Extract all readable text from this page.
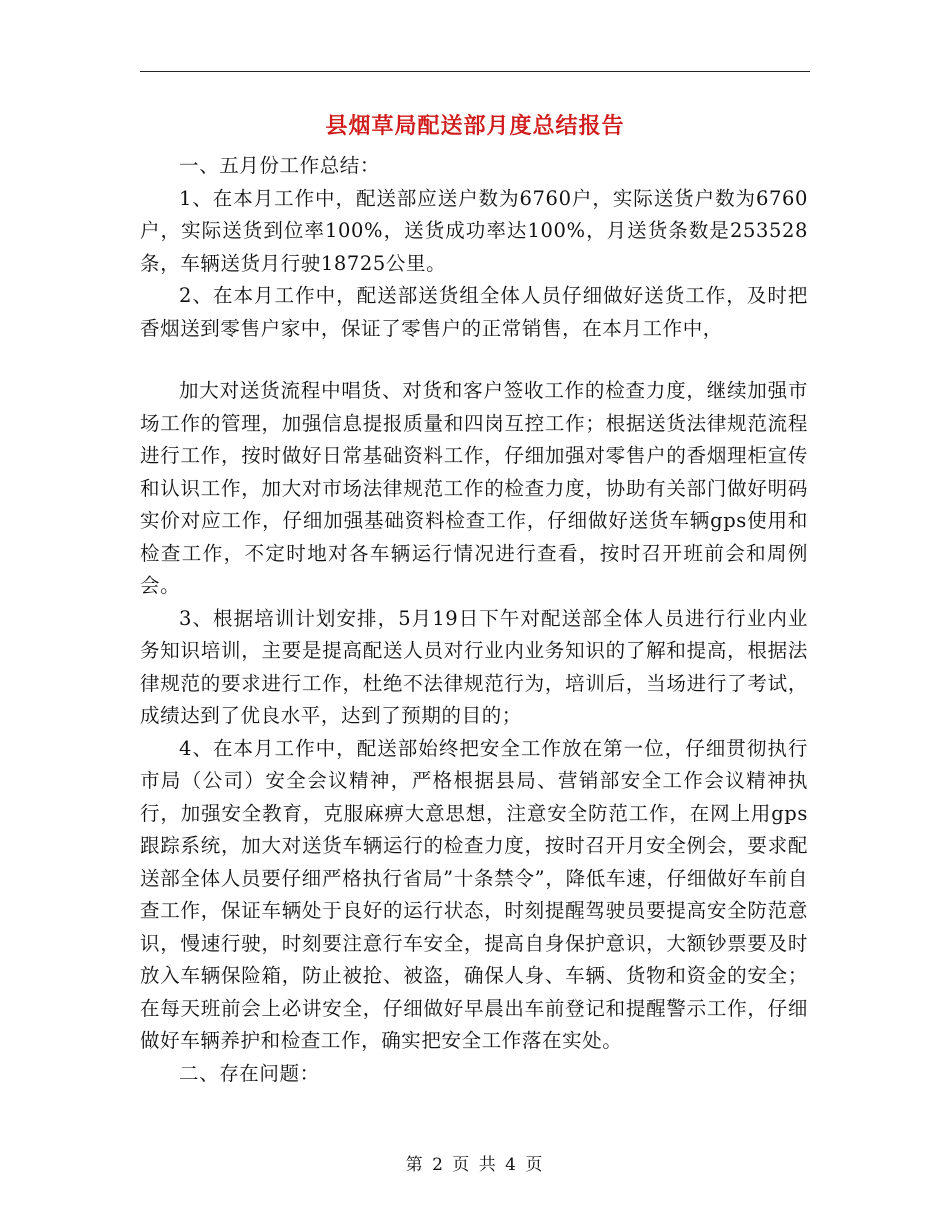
县烟草局配送部月度总结报告

一、五月份工作总结：

1、在本月工作中，配送部应送户数为6760户，实际送货户数为6760户，实际送货到位率100%，送货成功率达100%，月送货条数是253528条，车辆送货月行驶18725公里。

2、在本月工作中，配送部送货组全体人员仔细做好送货工作，及时把香烟送到零售户家中，保证了零售户的正常销售，在本月工作中，

加大对送货流程中唱货、对货和客户签收工作的检查力度，继续加强市场工作的管理，加强信息提报质量和四岗互控工作；根据送货法律规范流程进行工作，按时做好日常基础资料工作，仔细加强对零售户的香烟理柜宣传和认识工作，加大对市场法律规范工作的检查力度，协助有关部门做好明码实价对应工作，仔细加强基础资料检查工作，仔细做好送货车辆gps使用和检查工作，不定时地对各车辆运行情况进行查看，按时召开班前会和周例会。

3、根据培训计划安排，5月19日下午对配送部全体人员进行行业内业务知识培训，主要是提高配送人员对行业内业务知识的了解和提高，根据法律规范的要求进行工作，杜绝不法律规范行为，培训后，当场进行了考试，成绩达到了优良水平，达到了预期的目的；

4、在本月工作中，配送部始终把安全工作放在第一位，仔细贯彻执行市局（公司）安全会议精神，严格根据县局、营销部安全工作会议精神执行，加强安全教育，克服麻痹大意思想，注意安全防范工作，在网上用gps跟踪系统，加大对送货车辆运行的检查力度，按时召开月安全例会，要求配送部全体人员要仔细严格执行省局”十条禁令”，降低车速，仔细做好车前自查工作，保证车辆处于良好的运行状态，时刻提醒驾驶员要提高安全防范意识，慢速行驶，时刻要注意行车安全，提高自身保护意识，大额钞票要及时放入车辆保险箱，防止被抢、被盗，确保人身、车辆、货物和资金的安全；在每天班前会上必讲安全，仔细做好早晨出车前登记和提醒警示工作，仔细做好车辆养护和检查工作，确实把安全工作落在实处。

二、存在问题：

第 2 页 共 4 页
